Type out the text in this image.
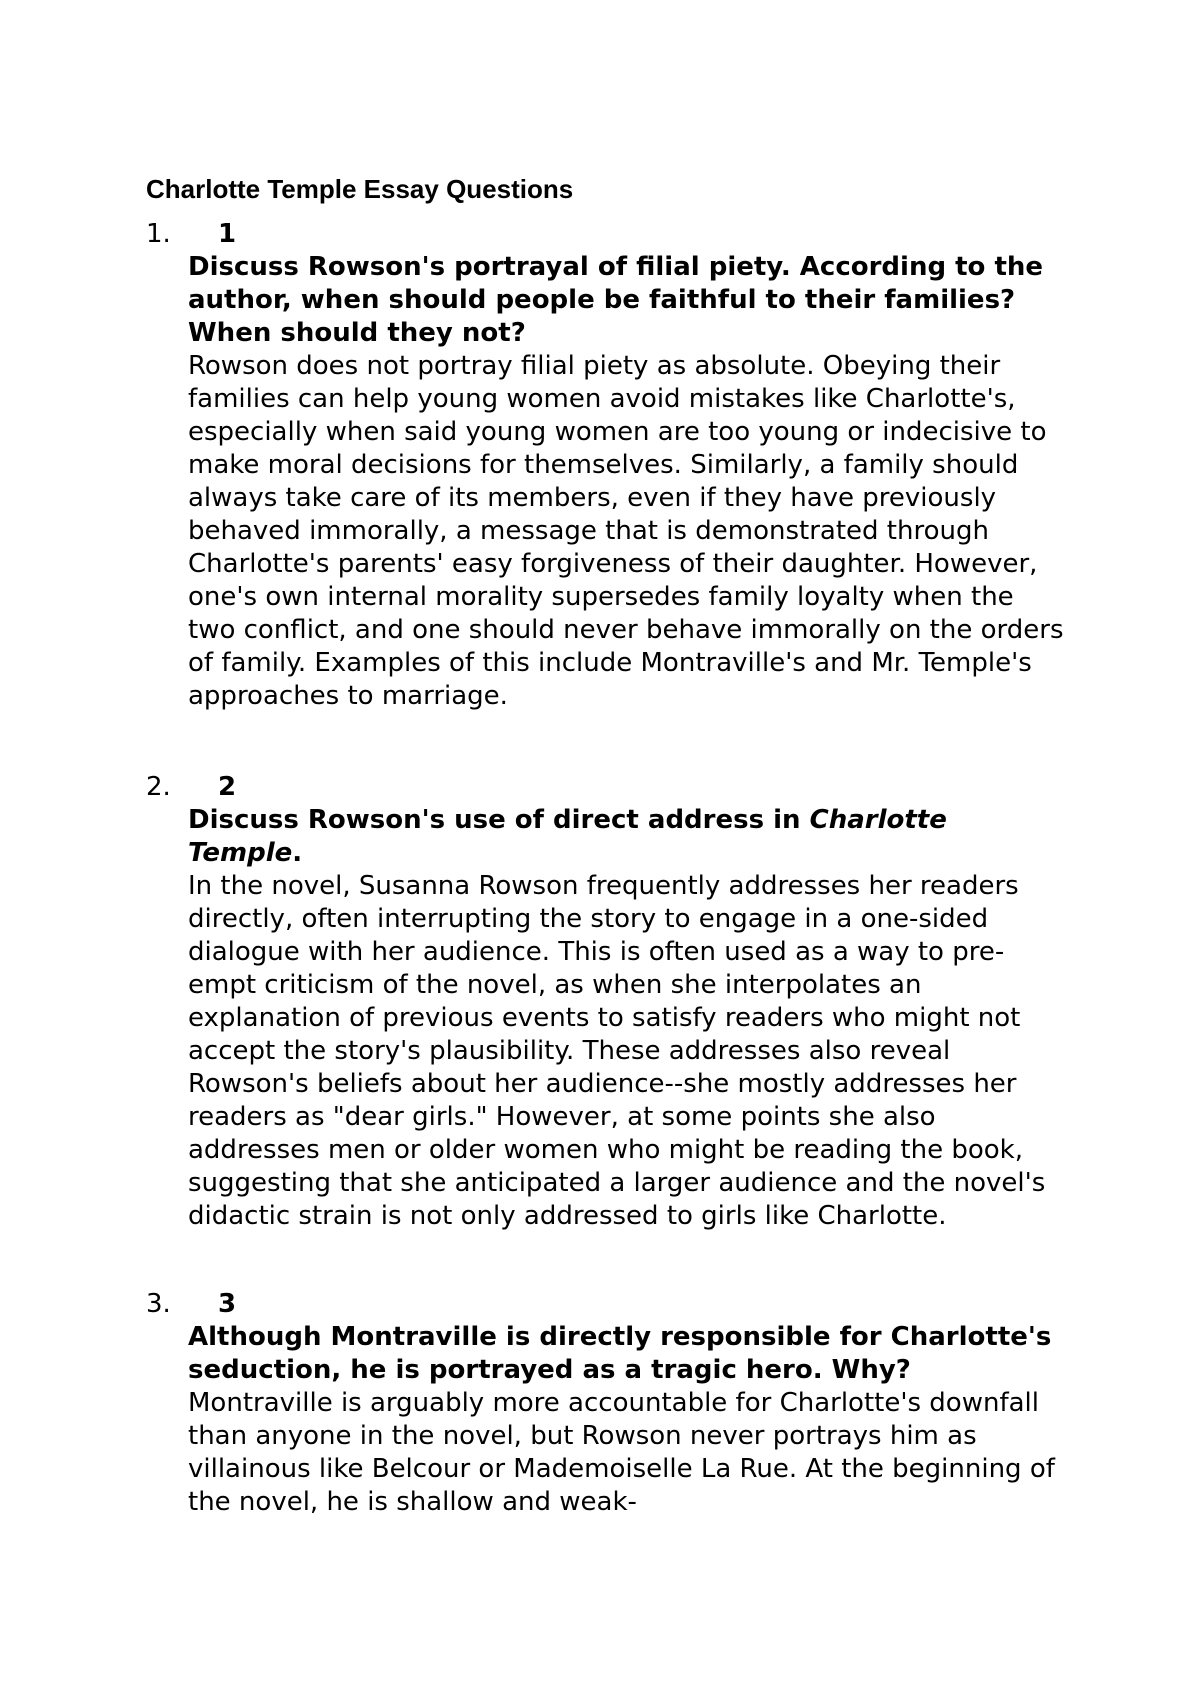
Charlotte Temple Essay Questions
1. 1

Discuss Rowson's portrayal of filial piety. According to the author, when should people be faithful to their families? When should they not?

Rowson does not portray filial piety as absolute. Obeying their families can help young women avoid mistakes like Charlotte's, especially when said young women are too young or indecisive to make moral decisions for themselves. Similarly, a family should always take care of its members, even if they have previously behaved immorally, a message that is demonstrated through Charlotte's parents' easy forgiveness of their daughter. However, one's own internal morality supersedes family loyalty when the two conflict, and one should never behave immorally on the orders of family. Examples of this include Montraville's and Mr. Temple's approaches to marriage.

2. 2

Discuss Rowson's use of direct address in Charlotte Temple.

In the novel, Susanna Rowson frequently addresses her readers directly, often interrupting the story to engage in a one-sided dialogue with her audience. This is often used as a way to pre-empt criticism of the novel, as when she interpolates an explanation of previous events to satisfy readers who might not accept the story's plausibility. These addresses also reveal Rowson's beliefs about her audience--she mostly addresses her readers as "dear girls." However, at some points she also addresses men or older women who might be reading the book, suggesting that she anticipated a larger audience and the novel's didactic strain is not only addressed to girls like Charlotte.

3. 3

Although Montraville is directly responsible for Charlotte's seduction, he is portrayed as a tragic hero. Why?

Montraville is arguably more accountable for Charlotte's downfall than anyone in the novel, but Rowson never portrays him as villainous like Belcour or Mademoiselle La Rue. At the beginning of the novel, he is shallow and weak-
